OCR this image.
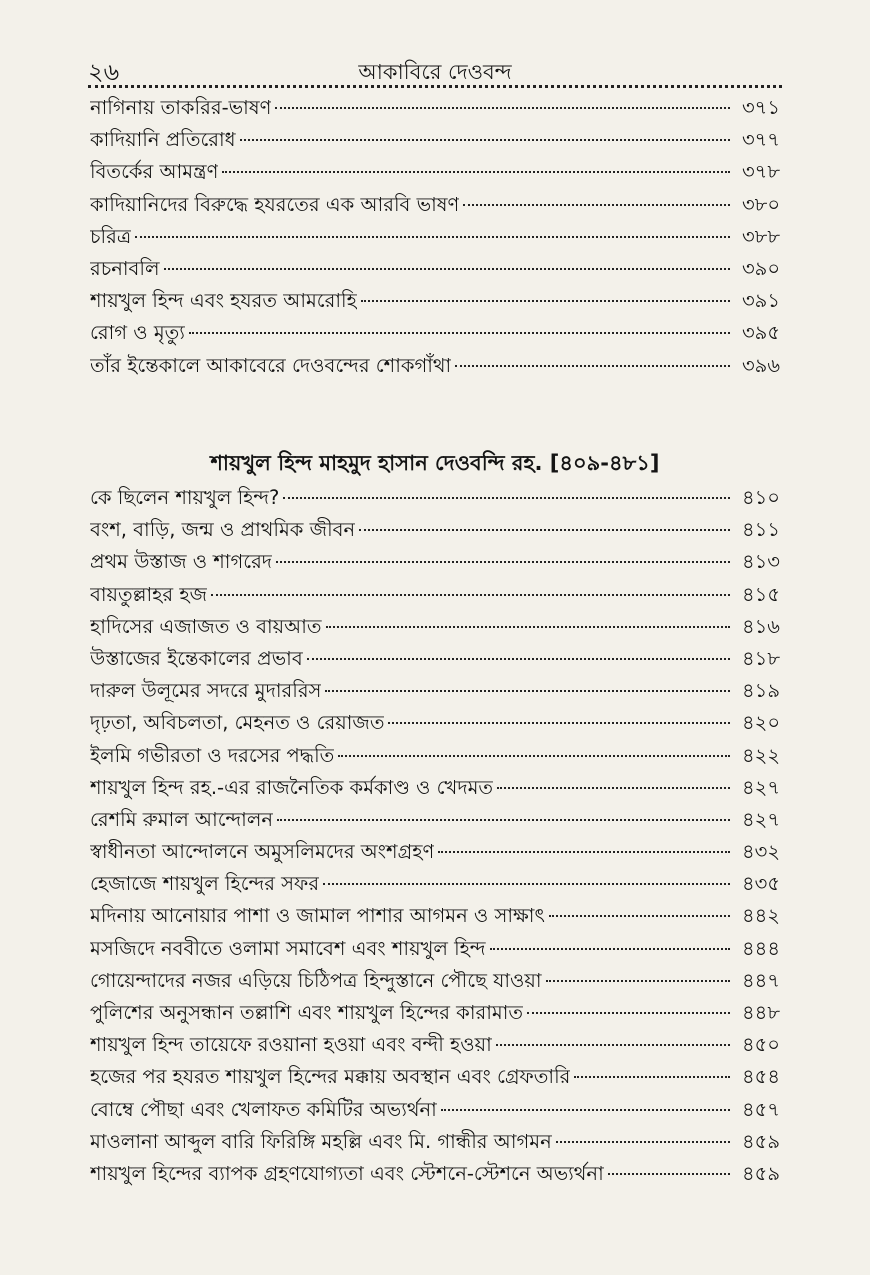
২৬	আকাবিরে দেওবন্দ
নাগিনায় তাকরির-ভাষণ	৩৭১
কাদিয়ানি প্রতিরোধ	৩৭৭
বিতর্কের আমন্ত্রণ	৩৭৮
কাদিয়ানিদের বিরুদ্ধে হযরতের এক আরবি ভাষণ	৩৮০
চরিত্র	৩৮৮
রচনাবলি	৩৯০
শায়খুল হিন্দ এবং হযরত আমরোহি	৩৯১
রোগ ও মৃত্যু	৩৯৫
তাঁর ইন্তেকালে আকাবেরে দেওবন্দের শোকগাঁথা	৩৯৬
শায়খুল হিন্দ মাহমুদ হাসান দেওবন্দি রহ. [৪০৯-৪৮১]
কে ছিলেন শায়খুল হিন্দ?	৪১০
বংশ, বাড়ি, জন্ম ও প্রাথমিক জীবন	৪১১
প্রথম উস্তাজ ও শাগরেদ	৪১৩
বায়তুল্লাহর হজ	৪১৫
হাদিসের এজাজত ও বায়আত	৪১৬
উস্তাজের ইন্তেকালের প্রভাব	৪১৮
দারুল উলূমের সদরে মুদাররিস	৪১৯
দৃঢ়তা, অবিচলতা, মেহনত ও রেয়াজত	৪২০
ইলমি গভীরতা ও দরসের পদ্ধতি	৪২২
শায়খুল হিন্দ রহ.-এর রাজনৈতিক কর্মকাণ্ড ও খেদমত	৪২৭
রেশমি রুমাল আন্দোলন	৪২৭
স্বাধীনতা আন্দোলনে অমুসলিমদের অংশগ্রহণ	৪৩২
হেজাজে শায়খুল হিন্দের সফর	৪৩৫
মদিনায় আনোয়ার পাশা ও জামাল পাশার আগমন ও সাক্ষাৎ	৪৪২
মসজিদে নববীতে ওলামা সমাবেশ এবং শায়খুল হিন্দ	৪৪৪
গোয়েন্দাদের নজর এড়িয়ে চিঠিপত্র হিন্দুস্তানে পৌছে যাওয়া	৪৪৭
পুলিশের অনুসন্ধান তল্লাশি এবং শায়খুল হিন্দের কারামাত	৪৪৮
শায়খুল হিন্দ তায়েফে রওয়ানা হওয়া এবং বন্দী হওয়া	৪৫০
হজের পর হযরত শায়খুল হিন্দের মক্কায় অবস্থান এবং গ্রেফতারি	৪৫৪
বোম্বে পৌছা এবং খেলাফত কমিটির অভ্যর্থনা	৪৫৭
মাওলানা আব্দুল বারি ফিরিঙ্গি মহল্লি এবং মি. গান্ধীর আগমন	৪৫৯
শায়খুল হিন্দের ব্যাপক গ্রহণযোগ্যতা এবং স্টেশনে-স্টেশনে অভ্যর্থনা	৪৫৯
